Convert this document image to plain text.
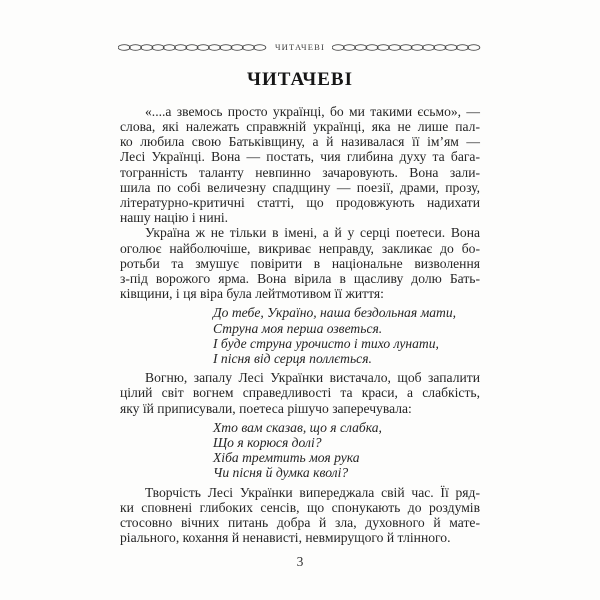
ЧИТАЧЕВІ
ЧИТАЧЕВІ
«....а звемось просто українці, бо ми такими єсьмо», —
слова, які належать справжній українці, яка не лише пал-
ко любила свою Батьківщину, а й називалася її ім’ям —
Лесі Українці. Вона — постать, чия глибина духу та бага-
тогранність таланту невпинно зачаровують. Вона зали-
шила по собі величезну спадщину — поезії, драми, прозу,
літературно-критичні статті, що продовжують надихати
нашу націю і нині.
Україна ж не тільки в імені, а й у серці поетеси. Вона
оголює найболючіше, викриває неправду, закликає до бо-
ротьби та змушує повірити в національне визволення
з-під ворожого ярма. Вона вірила в щасливу долю Бать-
ківщини, і ця віра була лейтмотивом її життя:
До тебе, Україно, наша бездольная мати,
Струна моя перша озветься.
І буде струна урочисто і тихо лунати,
І пісня від серця поллється.
Вогню, запалу Лесі Українки вистачало, щоб запалити
цілий світ вогнем справедливості та краси, а слабкість,
яку їй приписували, поетеса рішучо заперечувала:
Хто вам сказав, що я слабка,
Що я корюся долі?
Хіба тремтить моя рука
Чи пісня й думка кволі?
Творчість Лесі Українки випереджала свій час. Її ряд-
ки сповнені глибоких сенсів, що спонукають до роздумів
стосовно вічних питань добра й зла, духовного й мате-
ріального, кохання й ненависті, невмирущого й тлінного.
3
